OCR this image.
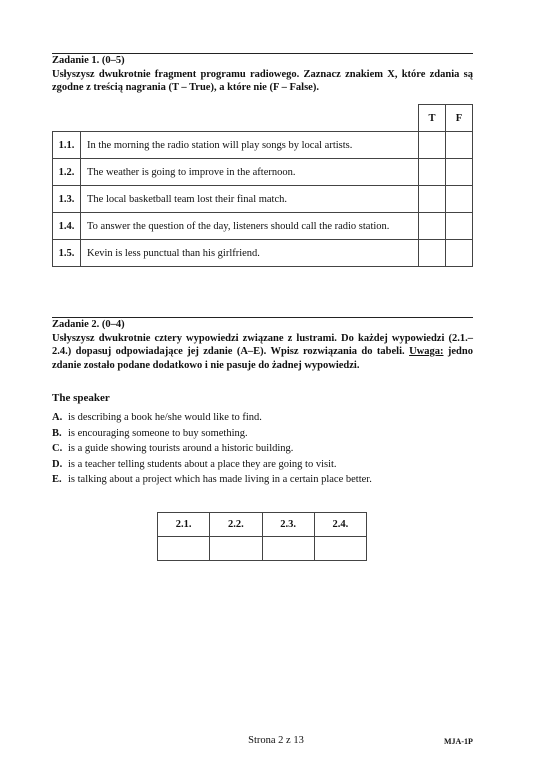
Zadanie 1. (0–5)
Usłyszysz dwukrotnie fragment programu radiowego. Zaznacz znakiem X, które zdania są zgodne z treścią nagrania (T – True), a które nie (F – False).
		T	F
1.1.	In the morning the radio station will play songs by local artists.		
1.2.	The weather is going to improve in the afternoon.		
1.3.	The local basketball team lost their final match.		
1.4.	To answer the question of the day, listeners should call the radio station.		
1.5.	Kevin is less punctual than his girlfriend.		
Zadanie 2. (0–4)
Usłyszysz dwukrotnie cztery wypowiedzi związane z lustrami. Do każdej wypowiedzi (2.1.–2.4.) dopasuj odpowiadające jej zdanie (A–E). Wpisz rozwiązania do tabeli. Uwaga: jedno zdanie zostało podane dodatkowo i nie pasuje do żadnej wypowiedzi.
The speaker
A. is describing a book he/she would like to find.
B. is encouraging someone to buy something.
C. is a guide showing tourists around a historic building.
D. is a teacher telling students about a place they are going to visit.
E. is talking about a project which has made living in a certain place better.
2.1.	2.2.	2.3.	2.4.

Strona 2 z 13	MJA-1P
